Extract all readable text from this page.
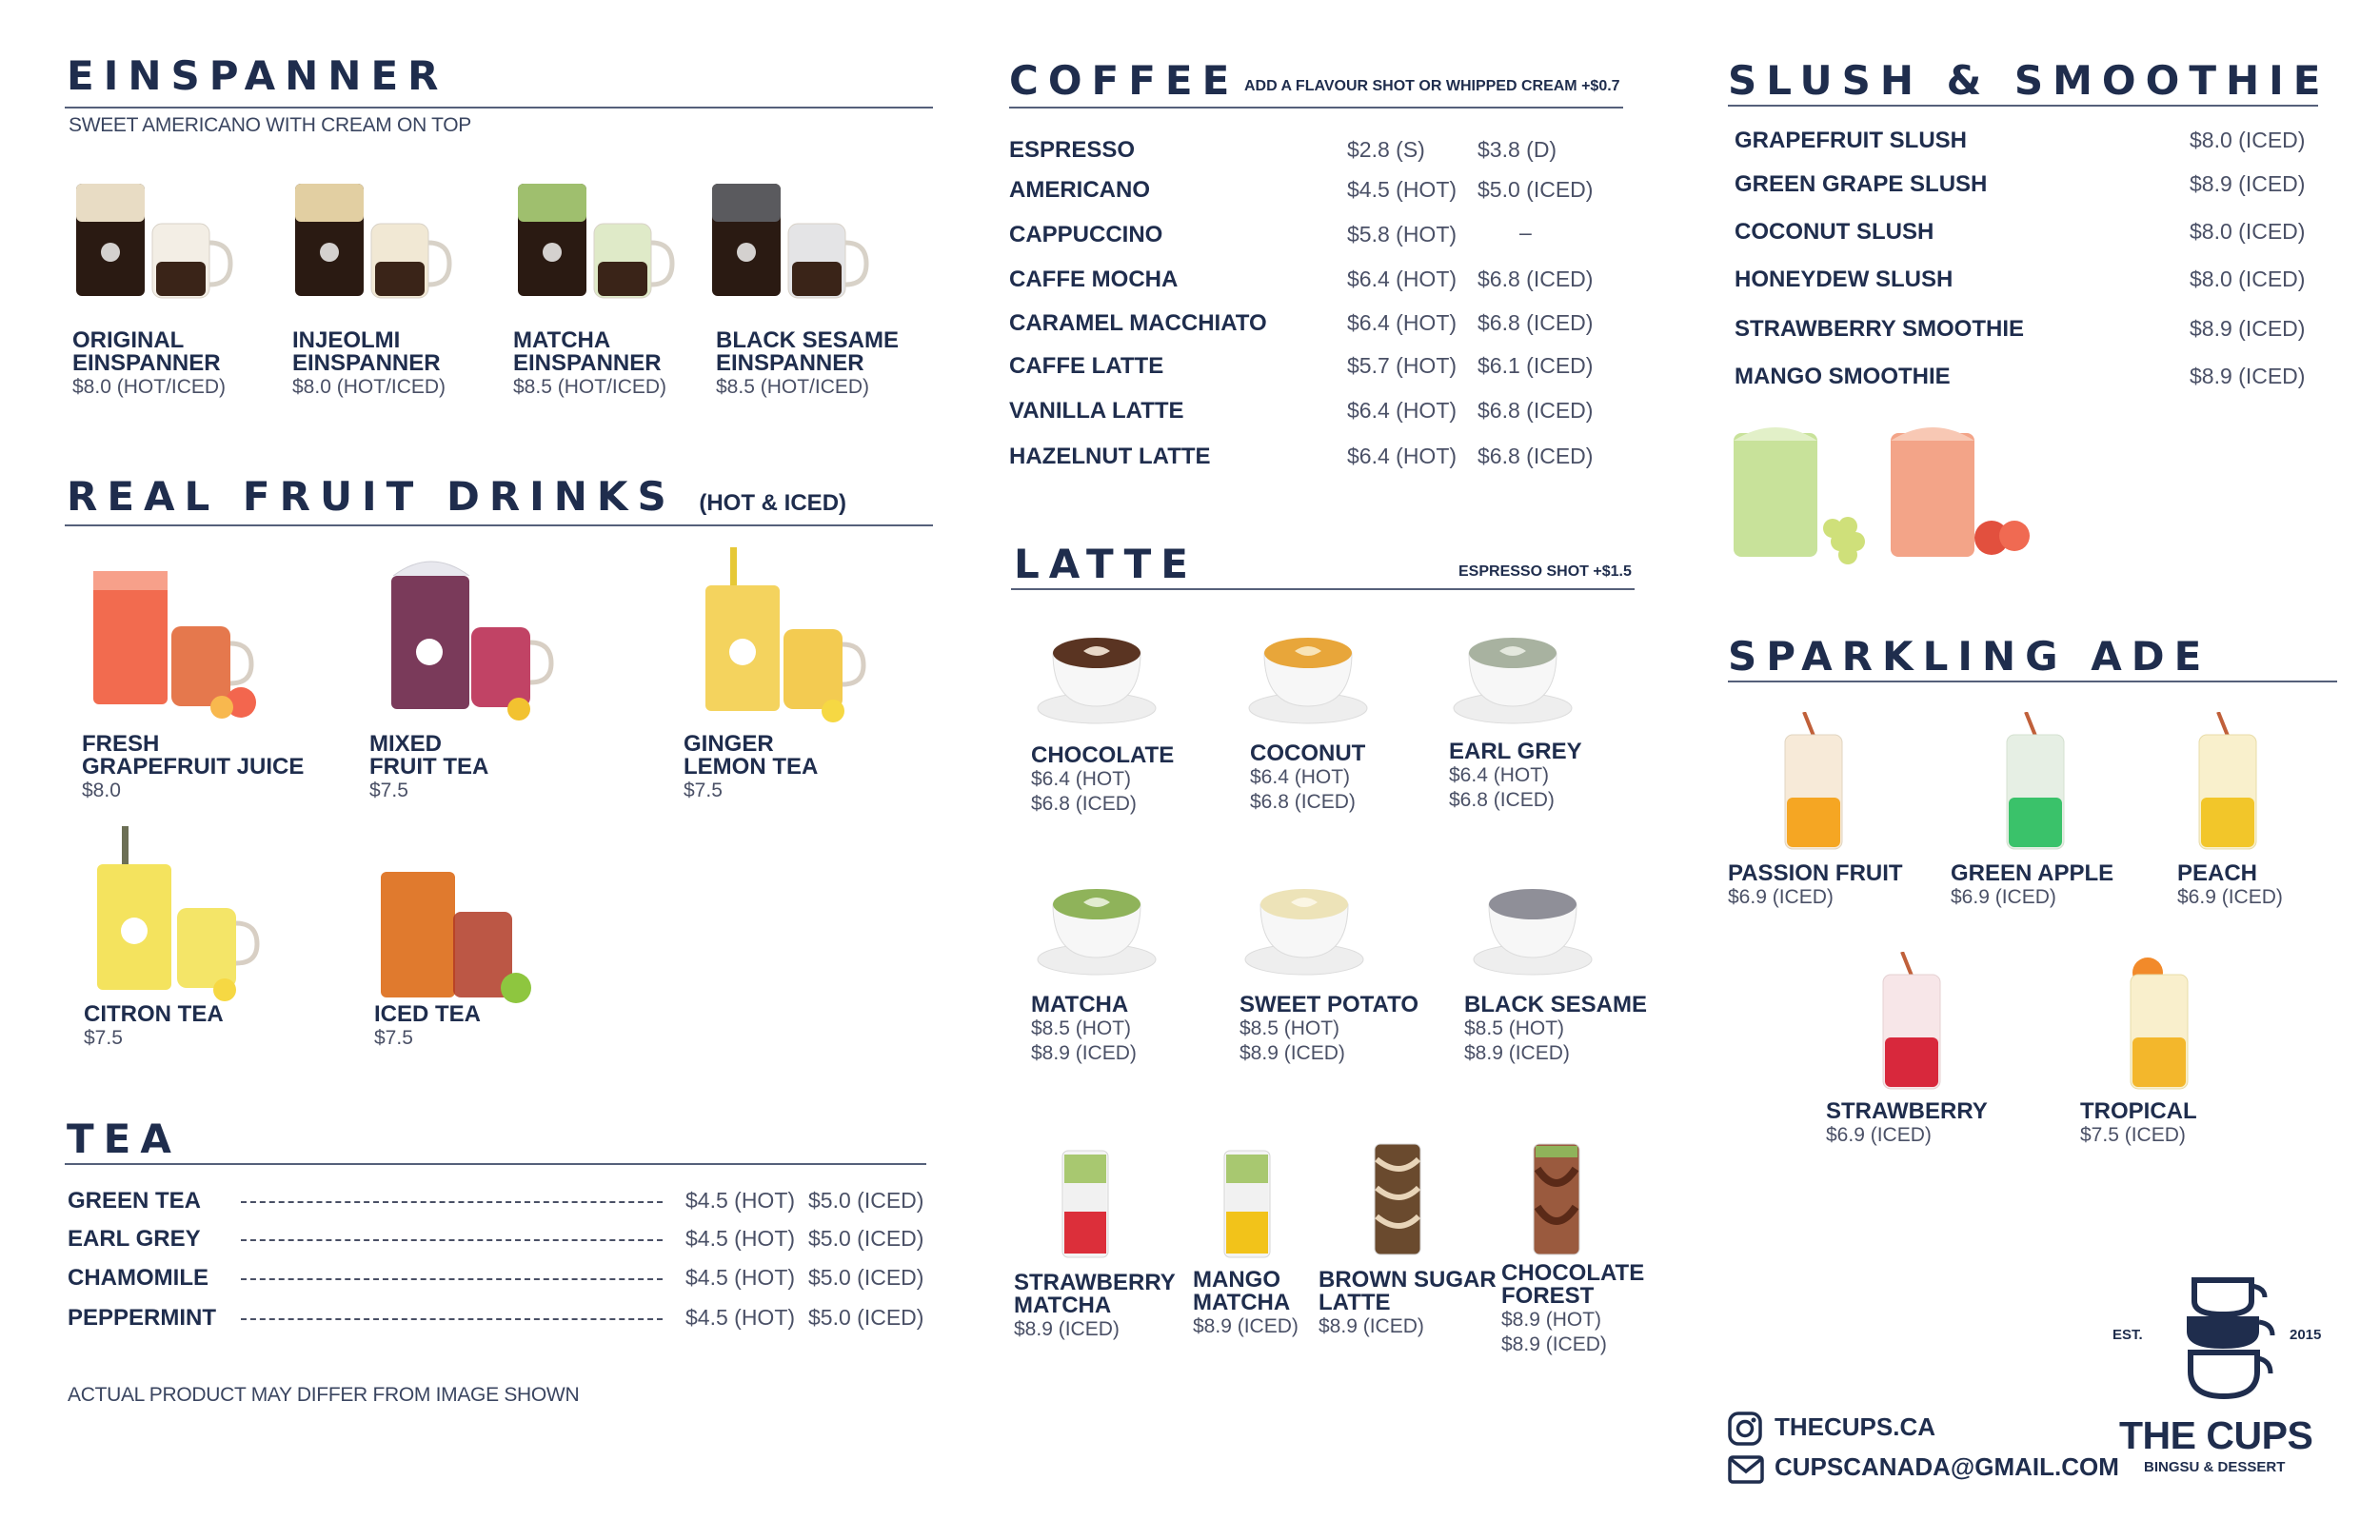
EINSPANNER
SWEET AMERICANO WITH CREAM ON TOP
ORIGINAL
EINSPANNER
$8.0 (HOT/ICED)
INJEOLMI
EINSPANNER
$8.0 (HOT/ICED)
MATCHA
EINSPANNER
$8.5 (HOT/ICED)
BLACK SESAME
EINSPANNER
$8.5 (HOT/ICED)
REAL FRUIT DRINKS (HOT & ICED)
FRESH
GRAPEFRUIT JUICE
$8.0
MIXED
FRUIT TEA
$7.5
GINGER
LEMON TEA
$7.5
CITRON TEA
$7.5
ICED TEA
$7.5
TEA
GREEN TEA	$4.5 (HOT) $5.0 (ICED)
EARL GREY	$4.5 (HOT) $5.0 (ICED)
CHAMOMILE	$4.5 (HOT) $5.0 (ICED)
PEPPERMINT	$4.5 (HOT) $5.0 (ICED)
ACTUAL PRODUCT MAY DIFFER FROM IMAGE SHOWN
COFFEE ADD A FLAVOUR SHOT OR WHIPPED CREAM +$0.7
ESPRESSO	$2.8 (S) $3.8 (D)
AMERICANO	$4.5 (HOT) $5.0 (ICED)
CAPPUCCINO	$5.8 (HOT)	–
CAFFE MOCHA	$6.4 (HOT) $6.8 (ICED)
CARAMEL MACCHIATO	$6.4 (HOT) $6.8 (ICED)
CAFFE LATTE	$5.7 (HOT) $6.1 (ICED)
VANILLA LATTE	$6.4 (HOT) $6.8 (ICED)
HAZELNUT LATTE	$6.4 (HOT) $6.8 (ICED)
LATTE	ESPRESSO SHOT +$1.5
CHOCOLATE
$6.4 (HOT)
$6.8 (ICED)
COCONUT
$6.4 (HOT)
$6.8 (ICED)
EARL GREY
$6.4 (HOT)
$6.8 (ICED)
MATCHA
$8.5 (HOT)
$8.9 (ICED)
SWEET POTATO
$8.5 (HOT)
$8.9 (ICED)
BLACK SESAME
$8.5 (HOT)
$8.9 (ICED)
STRAWBERRY
MATCHA
$8.9 (ICED)
MANGO
MATCHA
$8.9 (ICED)
BROWN SUGAR
LATTE
$8.9 (ICED)
CHOCOLATE
FOREST
$8.9 (HOT)
$8.9 (ICED)
SLUSH & SMOOTHIE
GRAPEFRUIT SLUSH	$8.0 (ICED)
GREEN GRAPE SLUSH	$8.9 (ICED)
COCONUT SLUSH	$8.0 (ICED)
HONEYDEW SLUSH	$8.0 (ICED)
STRAWBERRY SMOOTHIE	$8.9 (ICED)
MANGO SMOOTHIE	$8.9 (ICED)
SPARKLING ADE
PASSION FRUIT
$6.9 (ICED)
GREEN APPLE
$6.9 (ICED)
PEACH
$6.9 (ICED)
STRAWBERRY
$6.9 (ICED)
TROPICAL
$7.5 (ICED)
EST.	2015
THE CUPS
BINGSU & DESSERT
THECUPS.CA
CUPSCANADA@GMAIL.COM
